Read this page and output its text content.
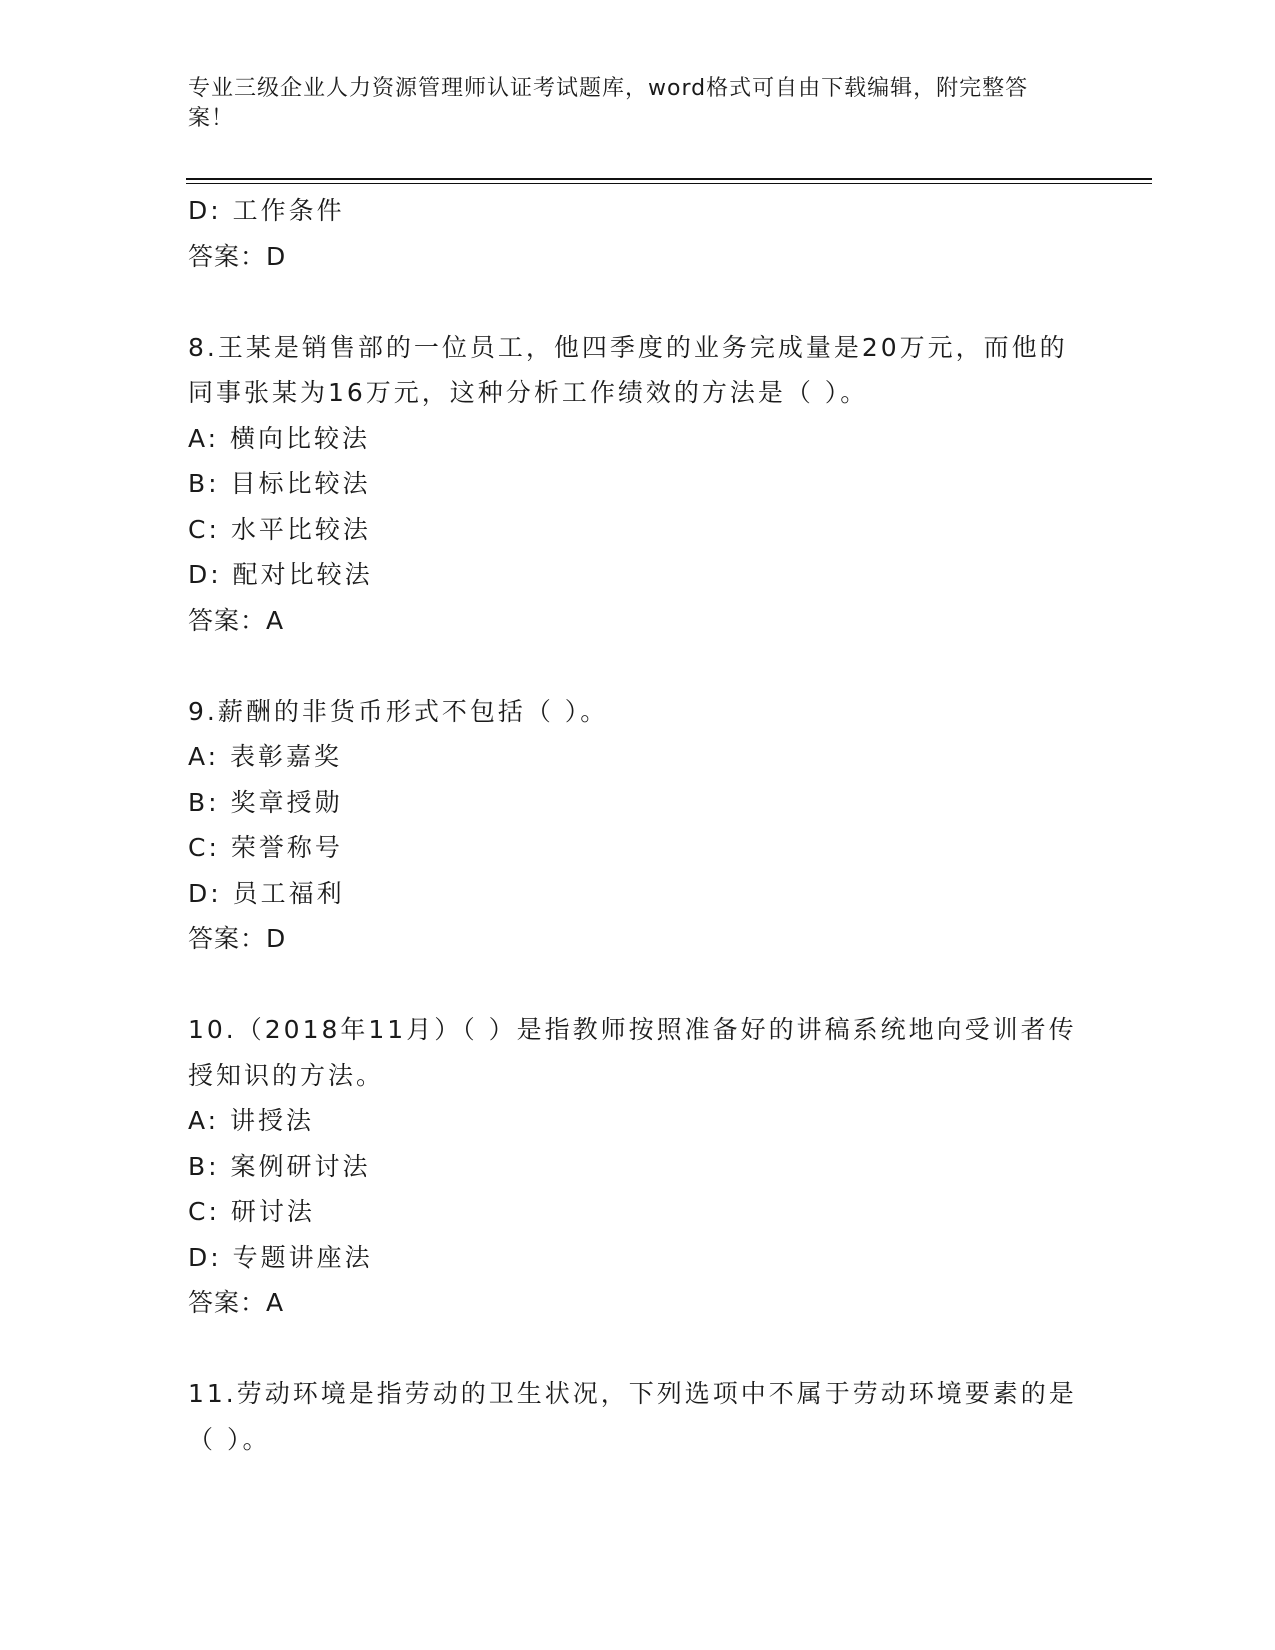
专业三级企业人力资源管理师认证考试题库，word格式可自由下载编辑，附完整答案！
D: 工作条件
答案：D
8.王某是销售部的一位员工，他四季度的业务完成量是20万元，而他的同事张某为16万元，这种分析工作绩效的方法是（ ）。
A: 横向比较法
B: 目标比较法
C: 水平比较法
D: 配对比较法
答案：A
9.薪酬的非货币形式不包括（ ）。
A: 表彰嘉奖
B: 奖章授勋
C: 荣誉称号
D: 员工福利
答案：D
10.（2018年11月）（ ）是指教师按照准备好的讲稿系统地向受训者传授知识的方法。
A: 讲授法
B: 案例研讨法
C: 研讨法
D: 专题讲座法
答案：A
11.劳动环境是指劳动的卫生状况，下列选项中不属于劳动环境要素的是（ ）。
